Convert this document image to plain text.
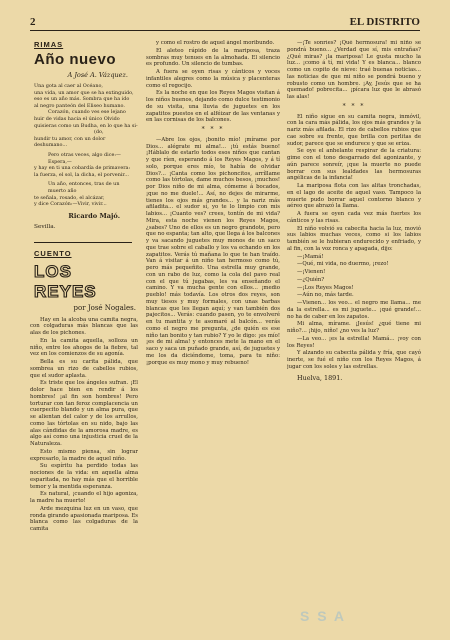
2	EL DISTRITO
RIMAS
Año nuevo
A José A. Vázquez.

Una gota al caer al Océano,
una vida, un amor que se ha extinguido,
eso es un año más. Sombra que ha ido
al negro panteón del Eliseo humano.
Corazón, cuando ves ese lejano
huir de vidas hacia el único Olvido
quisieras como un Budha, en lo que ha si-
(do,
hundir tu amor, con un dolor deshumano...

Pero otras veces, algo dice:—Espera,—
y hay en ti una cobardía de primavera:
la fuerza, el sol, la dicha, el porvenir...

Un año, entonces, tras de un muerto año
te señala, rosado, el alcázar,
y dice Corazón:—Vivir, vivir...

Ricardo Majó.
Sevilla.
CUENTO
LOS REYES
por José Nogales.

Hay en la alcoba una camita negra, con colgaduras más blancas que las alas de los pichones.

En la camita aquella, solloza un niño, entre los ahogos de la fiebre, tal vez en los comienzos de su agonía.

Bella es su carita pálida, que sombrea un rizo de cabellos rubios, que el sudor aplasta.

Es triste que los ángeles sufran. ¡El dolor hace bien en rendir á los hombres! ¡al fin son hombres! Pero torturar con tan feroz complacencia un cuerpecito blando y un alma pura, que se alientan del calor y de los arrullos, como las tórtolas en su nido, bajo las alas cándidas de la amorosa madre, es algo así como una injusticia cruel de la Naturaleza.

Esto mismo piensa, sin lograr expresarlo, la madre de aquel niño.

Su espíritu ha perdido todas las nociones de la vida: en aquella alma esparitada, no hay más que el horrible temor y la mentida esperanza.

Es natural, ¡cuando el hijo agoniza, la madre ha muerto!

Arde mezquina luz en un vaso, que ronda girando apasionada mariposa. Es blanca como las colgaduras de la camita

y como el rostro de aquel ángel moribundo.

El aleteo rápido de la mariposa, traza sombras muy tenues en la almohada. El silencio es profundo. Un silencio de tumbas.

A fuera se oyen risas y cánticos y voces infantiles alegres como la música y placenteras como el regocijo.

Es la noche en que los Reyes Magos visitan á los niños buenos, dejando como dulce testimonio de su visita, una lluvia de juguetes en los zapatitos puestos en el alféizar de las ventanas y en las cornisas de los balcones.

* * *

—Abre los ojos, ¡bonito mío! ¡mírame por Dios... alégrate mi alma!... ¡tú estás bueno! ¡Háblalo de estarlo todos esos niños que cantan y que ríen, esperando á los Reyes Magos, y á tí solo, porque eres mío, te había de olvidar Dios?... ¡Canta como los pichoncitos, arríllame como las tórtolas, dame muchos besos, ¡muchos! por Dios niño de mi alma, cómeme á bocados, ¡que no me duele!... Así, no dejes de mirarme, tienes los ojos más grandes... y la nariz más afiladita... el sudor sí, yo te lo limpio con mis labios... ¡Cuanto ves? crees, tontín de mi vida? Mira, esta noche vienen los Reyes Magos, ¿sabes? Uno de ellos es un negro grandote, pero que no espanta; tan alto, que llega á los balcones y va sacando juguetes muy monos de un saco que trae sobre el caballo y los va echando en los zapatitos. Verás tú mañana lo que te han traído. Van á visitar á un niño tan hermoso como tú, pero más pequeñito. Una estrella muy grande, con un rabo de luz, como la cola del pavo real con el que tú jugabas, les va enseñando el camino. Y va mucha gente con ellos... ¡medio pueblo! más todavía. Los otros dos reyes, son muy tiesos y muy formales, con unas barbas blancas que les llegan aquí; y van también dos pajecitos... Verás: cuando pasen, yo te envolveré en tu mantita y te asomaré al balcón... verás como el negro me pregunta, ¿de quién es ese niño tan bonito y tan rubio? Y yo le digo: ¡es mío! ¡es de mi alma! y entonces mete la mano en el saco y saca un puñado grande, así, de juguetes y me los da diciéndome, toma, para tu niño: ¡porque es muy mono y muy rebueno!

—¡Te sonríes? ¡Qué hermosura! mi niño se pondrá bueno... ¿Verdad que sí, mis entrañas? ¿Qué miras? ¡la mariposa! Le gusta mucho la luz... ¡como á tí, mi vida! Y es blanca... blanco como un copito de nieve: traé buenas noticias... las noticias de que mi niño se pondrá bueno y robusto como un hombre. ¡Ay, Jesús que se ha quemado! pobrecita... ¡pícara luz que le abrasó las alas!

* * *

El niño sigue en su camita negra, inmóvil, con la cara más pálida, los ojos más grandes y la nariz más afilada. El rizo de cabellos rubios que cae sobre su frente, que brilla con perlitas de sudor, parece que se endurece y que se eriza.

Se oye el anhelante respirar de la criatura: gime con el tono desgarrado del agonizante, y aún parece sonreír, ¡que la muerte no puede borrar con sus lealdades las hermosuras angélicas de la infancia!

La mariposa flota con las alitas tronchadas, en el lago de aceite de aquel vaso. Tampoco la muerte pudo borrar aquel contorno blanco y aéreo que abrazó la llama.

A fuera se oyen cada vez más fuertes los cánticos y las risas.

El niño volvió su cabecita hacia la luz, movió sus labios muchas veces, como si los labios también se le hubieran endurecido y enfriado, y al fin, con la voz ronca y apagada, dijo:

—¡Mamá!

—Qué, mi vida, no duermo, ¡rezo!

—¡Vienen!

—¿Quién?

—¡Los Reyes Magos!

—Aún no, más tarde.

—Vienen... los veo... el negro me llama... me da la estrella... es mi juguete... ¡qué grande!... no ha de caber en los zapatos.

Mi alma, mírame. ¡Jesús! ¿qué tiene mi niño?... ¡hijo, niño! ¿no ves la luz?

—La veo... ¡es la estrella! Mamá... ¡voy con los Reyes!

Y alzando su cabecita pálida y fría, que cayó inerte, se fué el niño con los Reyes Magos, á jugar con los soles y las estrellas.

Huelva, 1891.
S S A
